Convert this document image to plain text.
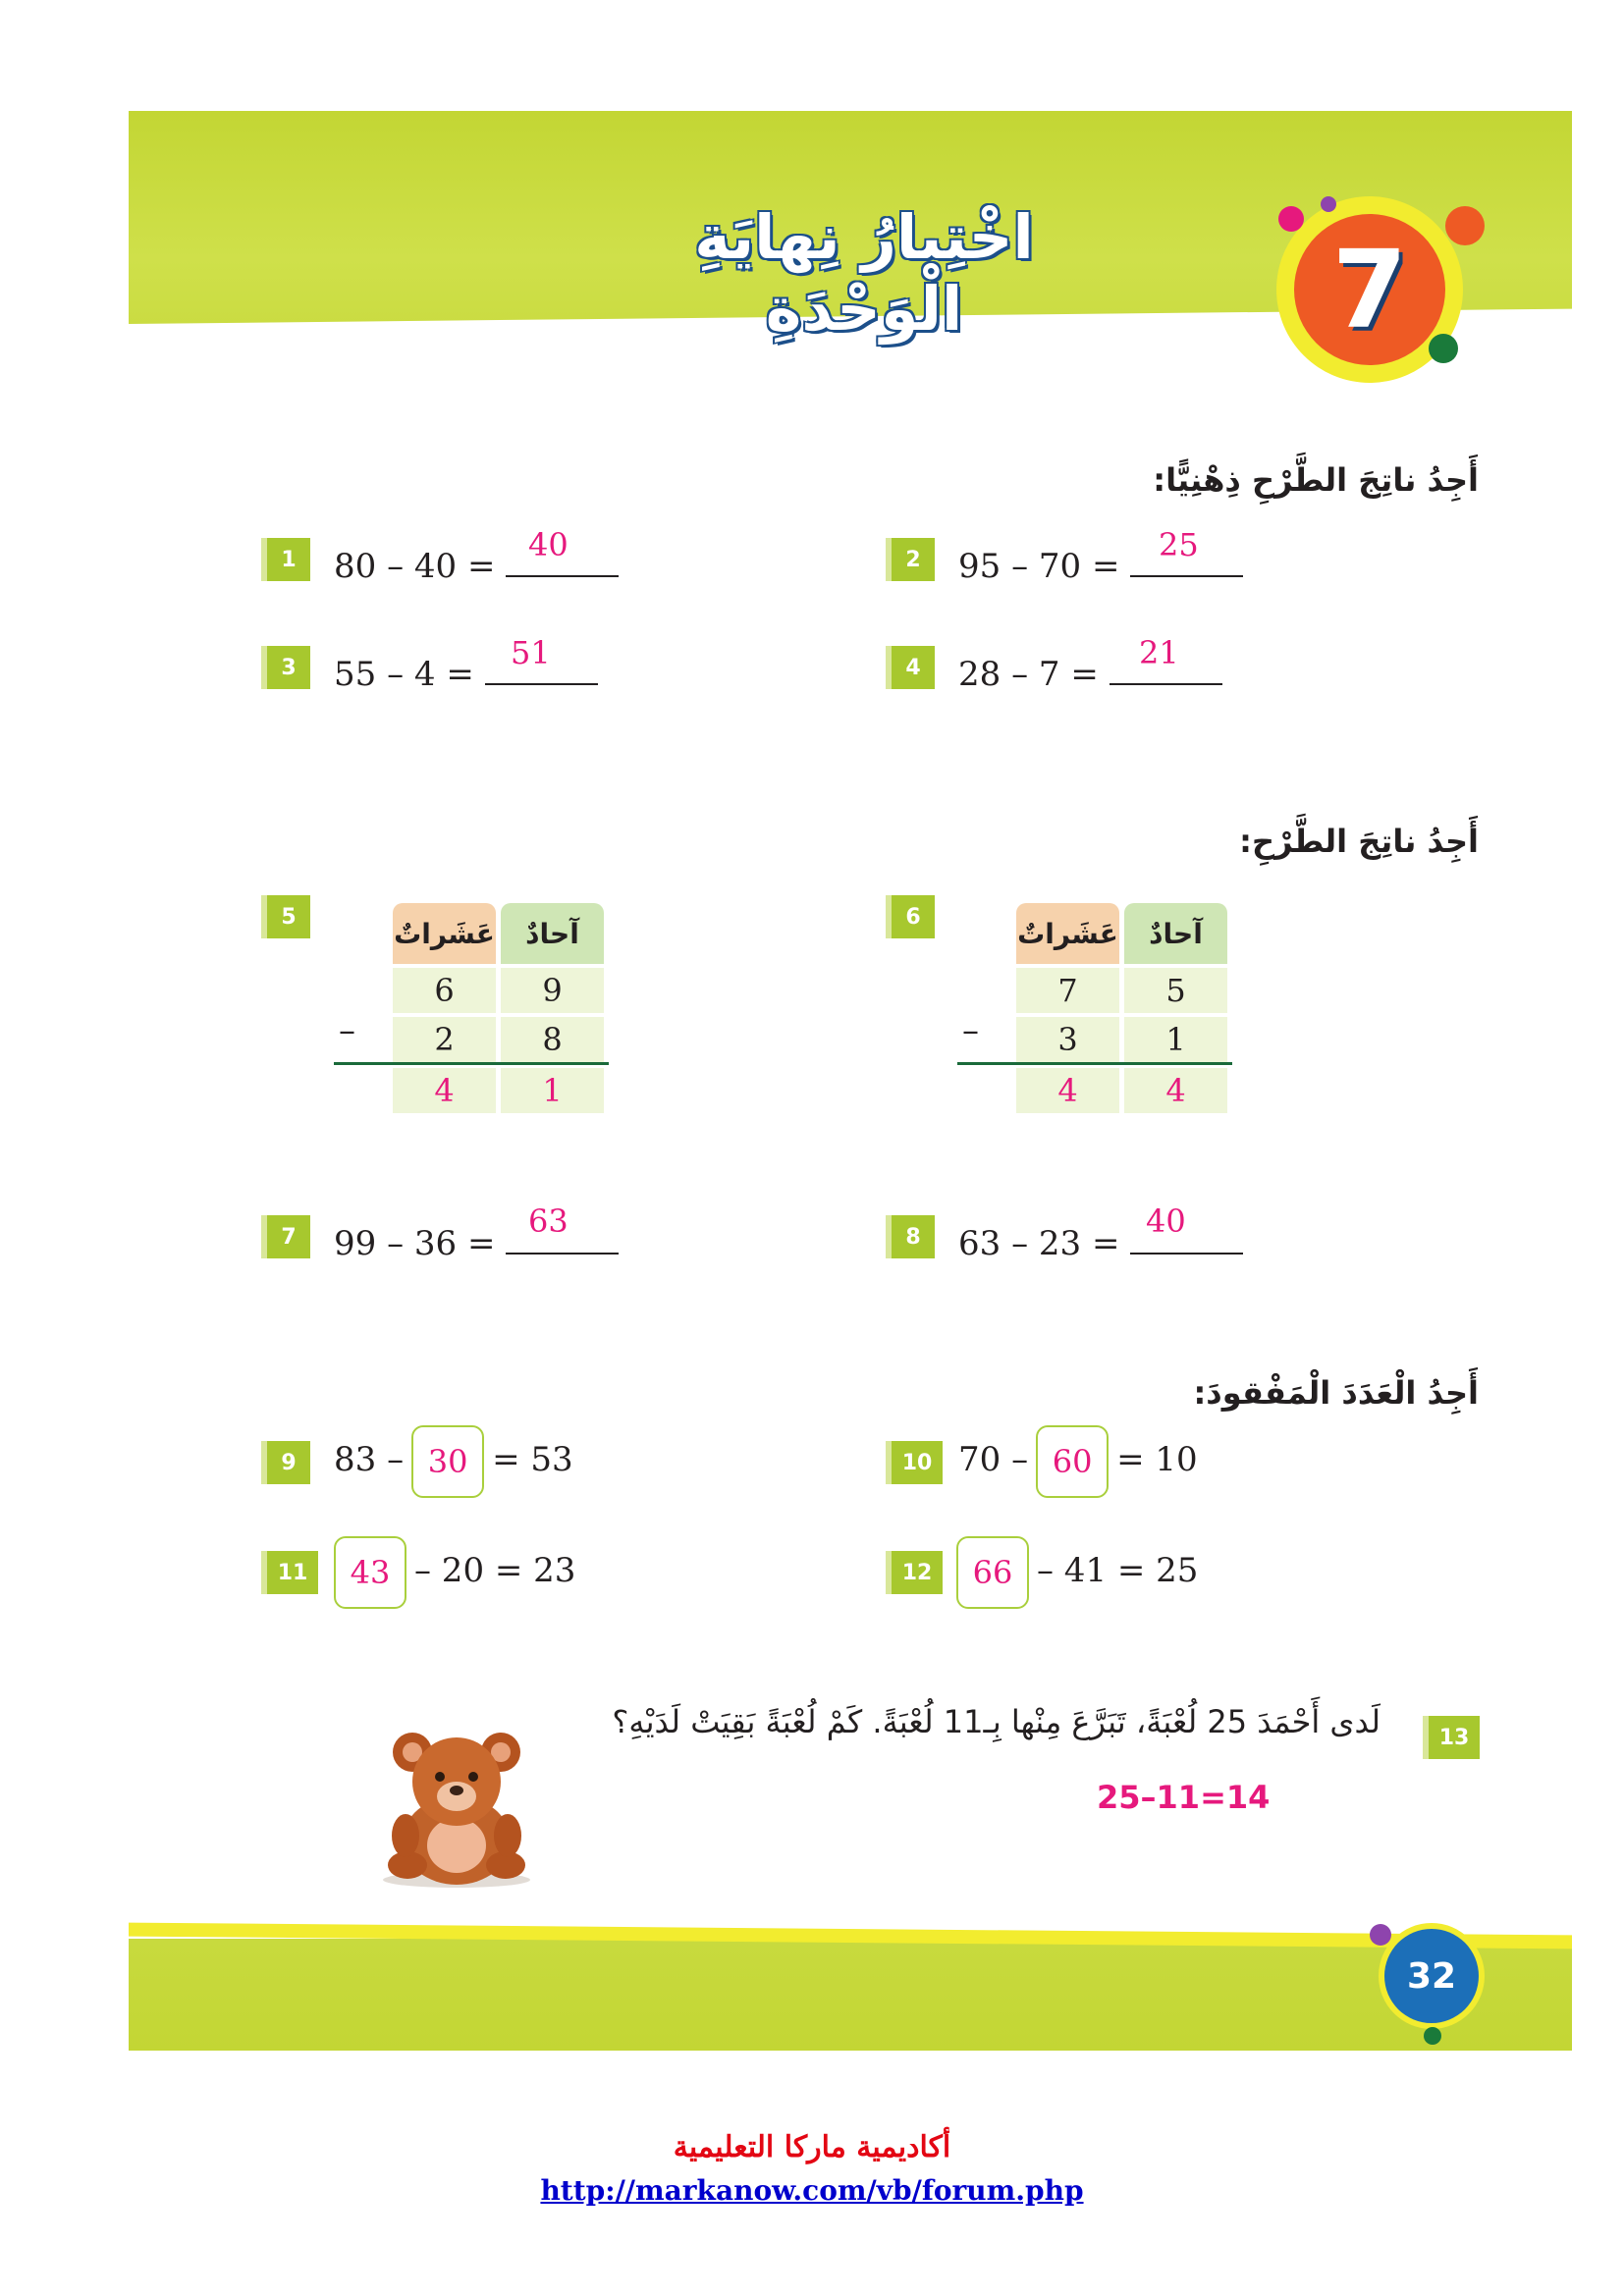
اخْتِبارُ نِهايَةِ الْوَحْدَةِ	7
أَجِدُ ناتِجَ الطَّرْحِ ذِهْنِيًّا:
1	80 – 40 =
40	2	95 – 70 =
25
3	55 – 4 =
51	4	28 – 7 =
21
أَجِدُ ناتِجَ الطَّرْحِ:
5
عَشَراتٌ	آحادٌ
6	9
2	8
–
4	1
6
عَشَراتٌ	آحادٌ
7	5
3	1
–
4	4
7	99 – 36 =
63	8	63 – 23 =
40
أَجِدُ الْعَدَدَ الْمَفْقودَ:
9	83 – 30 = 53	10 70 – 60 = 10
11	43 – 20 = 23	12	66 – 41 = 25
13
لَدى أَحْمَدَ 25 لُعْبَةً، تَبَرَّعَ مِنْها بِـ11 لُعْبَةً. كَمْ لُعْبَةً بَقِيَتْ لَدَيْهِ؟
25–11=14
32
أكاديمية ماركا التعليمية
http://markanow.com/vb/forum.php
